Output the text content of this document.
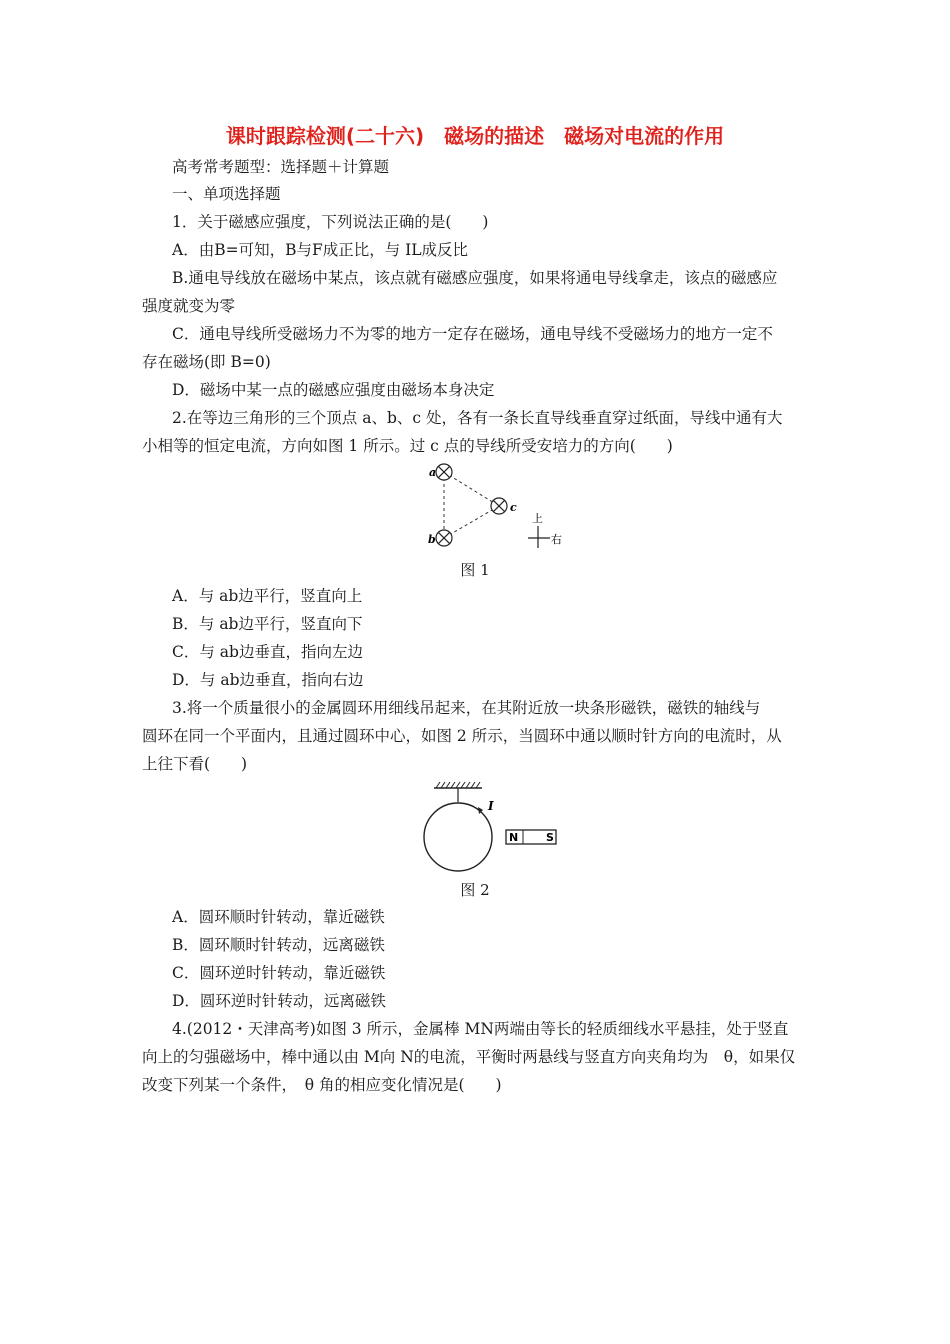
课时跟踪检测(二十六)　磁场的描述　磁场对电流的作用
高考常考题型：选择题＋计算题
一、单项选择题
1．关于磁感应强度，下列说法正确的是(　　)
A．由B=可知，B与F成正比，与 IL成反比
B.通电导线放在磁场中某点，该点就有磁感应强度，如果将通电导线拿走，该点的磁感应
强度就变为零
C．通电导线所受磁场力不为零的地方一定存在磁场，通电导线不受磁场力的地方一定不
存在磁场(即 B=0)
D．磁场中某一点的磁感应强度由磁场本身决定
2.在等边三角形的三个顶点 a、b、c 处，各有一条长直导线垂直穿过纸面，导线中通有大
小相等的恒定电流，方向如图 1 所示。过 c 点的导线所受安培力的方向(　　)
a
b
c
上
右
图 1
A．与 ab边平行，竖直向上
B．与 ab边平行，竖直向下
C．与 ab边垂直，指向左边
D．与 ab边垂直，指向右边
3.将一个质量很小的金属圆环用细线吊起来，在其附近放一块条形磁铁，磁铁的轴线与
圆环在同一个平面内，且通过圆环中心，如图 2 所示，当圆环中通以顺时针方向的电流时，从
上往下看(　　)
I
N	S
图 2
A．圆环顺时针转动，靠近磁铁
B．圆环顺时针转动，远离磁铁
C．圆环逆时针转动，靠近磁铁
D．圆环逆时针转动，远离磁铁
4.(2012・天津高考)如图 3 所示，金属棒 MN两端由等长的轻质细线水平悬挂，处于竖直
向上的匀强磁场中，棒中通以由 M向 N的电流，平衡时两悬线与竖直方向夹角均为　θ，如果仅
改变下列某一个条件，　θ 角的相应变化情况是(　　)
